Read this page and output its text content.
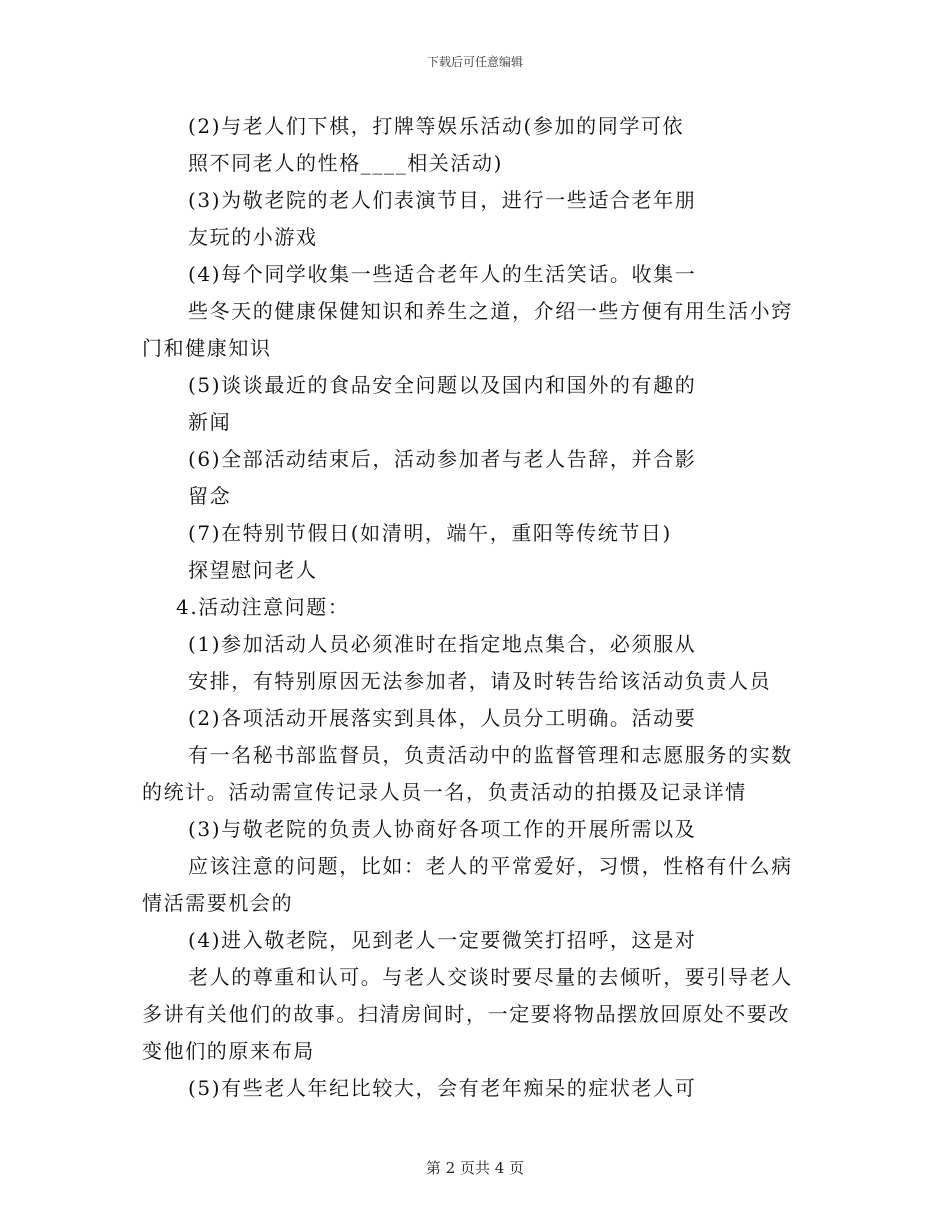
下载后可任意编辑
(2)与老人们下棋，打牌等娱乐活动(参加的同学可依
照不同老人的性格____相关活动)
(3)为敬老院的老人们表演节目，进行一些适合老年朋
友玩的小游戏
(4)每个同学收集一些适合老年人的生活笑话。收集一
些冬天的健康保健知识和养生之道，介绍一些方便有用生活小窍
门和健康知识
(5)谈谈最近的食品安全问题以及国内和国外的有趣的
新闻
(6)全部活动结束后，活动参加者与老人告辞，并合影
留念
(7)在特别节假日(如清明，端午，重阳等传统节日)
探望慰问老人
4.活动注意问题：
(1)参加活动人员必须准时在指定地点集合，必须服从
安排，有特别原因无法参加者，请及时转告给该活动负责人员
(2)各项活动开展落实到具体，人员分工明确。活动要
有一名秘书部监督员，负责活动中的监督管理和志愿服务的实数
的统计。活动需宣传记录人员一名，负责活动的拍摄及记录详情
(3)与敬老院的负责人协商好各项工作的开展所需以及
应该注意的问题，比如：老人的平常爱好，习惯，性格有什么病
情活需要机会的
(4)进入敬老院，见到老人一定要微笑打招呼，这是对
老人的尊重和认可。与老人交谈时要尽量的去倾听，要引导老人
多讲有关他们的故事。扫清房间时，一定要将物品摆放回原处不要改
变他们的原来布局
(5)有些老人年纪比较大，会有老年痴呆的症状老人可
第 2 页共 4 页
